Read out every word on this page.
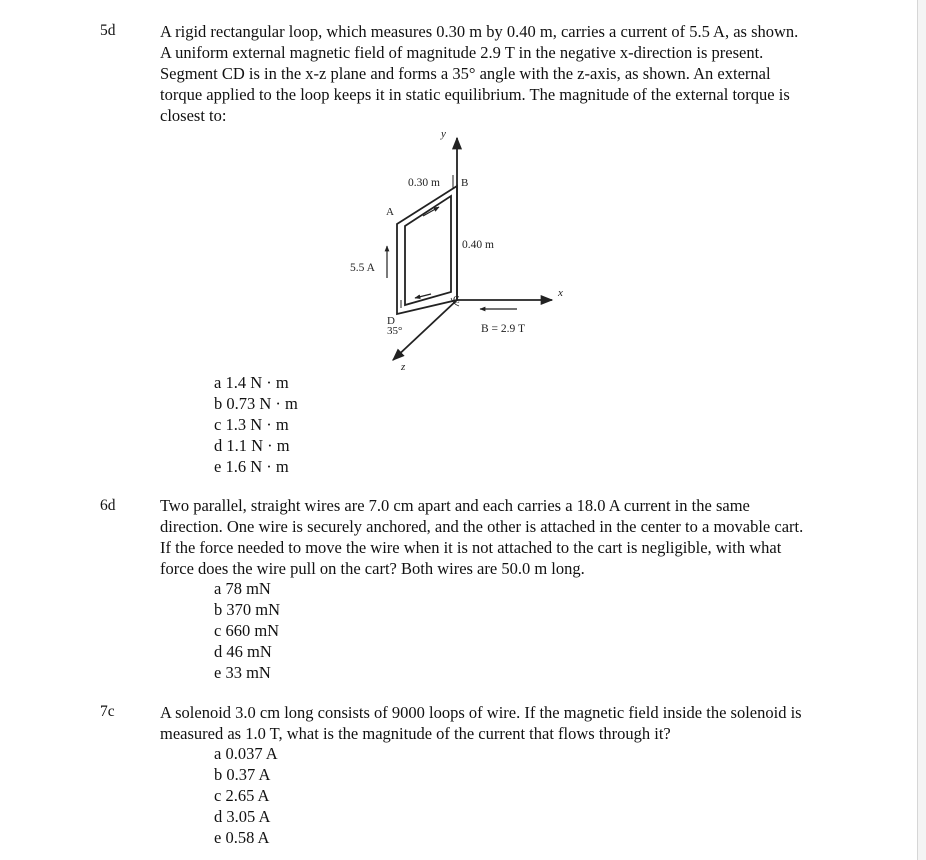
5d	A rigid rectangular loop, which measures 0.30 m by 0.40 m, carries a current of 5.5 A, as shown. A uniform external magnetic field of magnitude 2.9 T in the negative x-direction is present. Segment CD is in the x-z plane and forms a 35° angle with the z-axis, as shown. An external torque applied to the loop keeps it in static equilibrium. The magnitude of the external torque is closest to:
y
x
z
5.5 A
B = 2.9 T
0.30 m
0.40 m
A
B
C
D
35°
a 1.4 N · m
b 0.73 N · m
c 1.3 N · m
d 1.1 N · m
e 1.6 N · m
6d	Two parallel, straight wires are 7.0 cm apart and each carries a 18.0 A current in the same direction. One wire is securely anchored, and the other is attached in the center to a movable cart. If the force needed to move the wire when it is not attached to the cart is negligible, with what force does the wire pull on the cart? Both wires are 50.0 m long.
a 78 mN
b 370 mN
c 660 mN
d 46 mN
e 33 mN
7c	A solenoid 3.0 cm long consists of 9000 loops of wire. If the magnetic field inside the solenoid is measured as 1.0 T, what is the magnitude of the current that flows through it?
a 0.037 A
b 0.37 A
c 2.65 A
d 3.05 A
e 0.58 A
